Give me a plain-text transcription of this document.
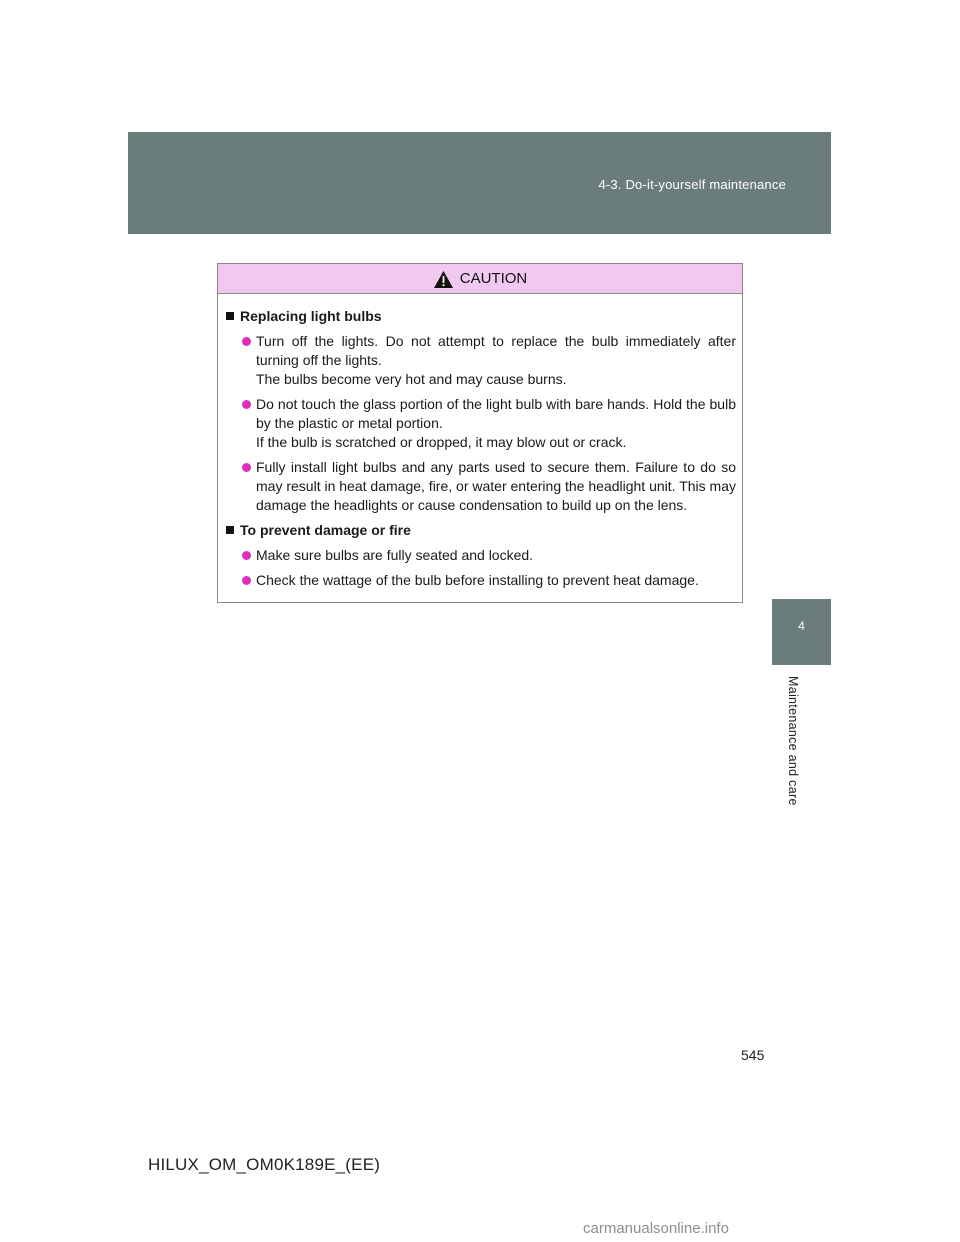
4-3. Do-it-yourself maintenance
4
Maintenance and care
CAUTION
Replacing light bulbs
Turn off the lights. Do not attempt to replace the bulb immediately after turning off the lights.
The bulbs become very hot and may cause burns.
Do not touch the glass portion of the light bulb with bare hands. Hold the bulb by the plastic or metal portion.
If the bulb is scratched or dropped, it may blow out or crack.
Fully install light bulbs and any parts used to secure them. Failure to do so may result in heat damage, fire, or water entering the headlight unit. This may damage the headlights or cause condensation to build up on the lens.
To prevent damage or fire
Make sure bulbs are fully seated and locked.
Check the wattage of the bulb before installing to prevent heat damage.
545
HILUX_OM_OM0K189E_(EE)
carmanualsonline.info
